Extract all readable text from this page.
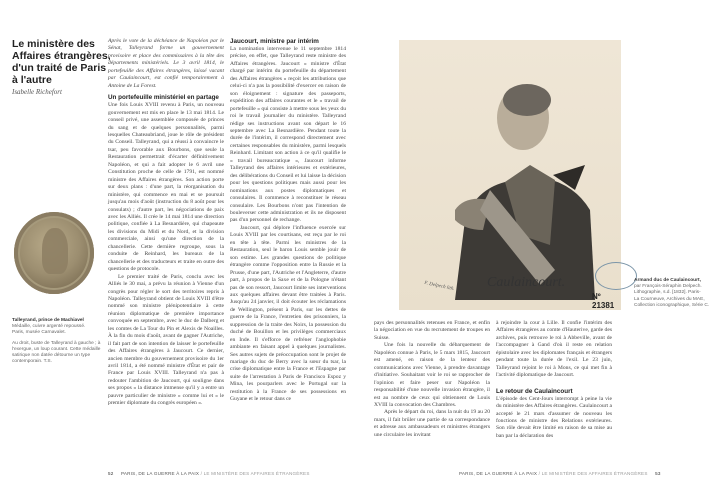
Le ministère des Affaires étrangères, d'un traité de Paris à l'autre
Isabelle Richefort
Talleyrand, prince de Machiavel
Médaille, cuivre argenté repoussé.
Paris, musée Carnavalet.
Au droit, buste de Talleyrand à gauche ; à l'exergue, un loup courant. Cette médaille satirique non datée détourne un type contemporain. T.S.

Après le vote de la déchéance de Napoléon par le Sénat, Talleyrand forme un gouvernement provisoire et place des commissaires à la tête des départements ministériels. Le 3 avril 1814, le portefeuille des Affaires étrangères, laissé vacant par Caulaincourt, est confié temporairement à Antoine de La Forest.

Un portefeuille ministériel en partage

Une fois Louis XVIII revenu à Paris, un nouveau gouvernement est mis en place le 13 mai 1814. Le conseil privé, une assemblée composée de princes du sang et de quelques personnalités, parmi lesquelles Chateaubriand, joue le rôle de président du Conseil. Talleyrand, qui a réussi à convaincre le tsar, peu favorable aux Bourbons, que seule la Restauration permettrait d'écarter définitivement Napoléon, et qui a fait adopter le 6 avril une Constitution proche de celle de 1791, est nommé ministre des Affaires étrangères. Son action porte sur deux plans : d'une part, la réorganisation du ministère, qui commence en mai et se poursuit jusqu'au mois d'août (instruction du 8 août pour les consulats) ; d'autre part, les négociations de paix avec les Alliés. Il crée le 14 mai 1814 une direction politique, confiée à La Besnardière, qui chapeaute les divisions du Midi et du Nord, et la division commerciale, ainsi qu'une direction de la chancellerie. Cette dernière regroupe, sous la conduite de Reinhard, les bureaux de la chancellerie et des traducteurs et traite en outre des questions de protocole.

Le premier traité de Paris, conclu avec les Alliés le 30 mai, a prévu la réunion à Vienne d'un congrès pour régler le sort des territoires repris à Napoléon. Talleyrand obtient de Louis XVIII d'être nommé son ministre plénipotentiaire à cette réunion diplomatique de première importance convoquée en septembre, avec le duc de Dalberg et les comtes de La Tour du Pin et Alexis de Noailles. À la fin du mois d'août, avant de gagner l'Autriche, il fait part de son intention de laisser le portefeuille des Affaires étrangères à Jaucourt. Ce dernier, ancien membre du gouvernement provisoire du 1er avril 1814, a été nommé ministre d'État et pair de France par Louis XVIII. Talleyrand n'a pas à redouter l'ambition de Jaucourt, qui souligne dans ses propos « la distance immense qu'il y a entre un pauvre particulier de ministre » comme lui et « le premier diplomate du congrès européen ».

Jaucourt, ministre par intérim

La nomination intervenue le 11 septembre 1814 précise, en effet, que Talleyrand reste ministre des Affaires étrangères. Jaucourt « ministre d'État chargé par intérim du portefeuille du département des Affaires étrangères » reçoit les attributions que celui-ci n'a pas la possibilité d'exercer en raison de son éloignement : signature des passeports, expédition des affaires courantes et le « travail de portefeuille » qui consiste à mettre sous les yeux du roi le travail journalier du ministère. Talleyrand rédige ses instructions avant son départ le 16 septembre avec La Besnardière. Pendant toute la durée de l'intérim, il correspond directement avec certaines responsables du ministère, parmi lesquels Reinhard. Limitant son action à ce qu'il qualifie le « travail bureaucratique », Jaucourt informe Talleyrand des affaires intérieures et extérieures, des délibérations du Conseil et lui laisse la décision pour les questions politiques mais aussi pour les nominations aux postes diplomatiques et consulaires. Il commence à reconstituer le réseau consulaire. Les Bourbons n'ont pas l'intention de bouleverser cette administration et ils ne disposent pas d'un personnel de rechange.

Jaucourt, qui déplore l'influence exercée sur Louis XVIII par les courtisans, est reçu par le roi en tête à tête. Parmi les ministres de la Restauration, seul le baron Louis semble jouir de son estime. Les grandes questions de politique étrangère comme l'opposition entre la Russie et la Prusse, d'une part, l'Autriche et l'Angleterre, d'autre part, à propos de la Saxe et de la Pologne n'étant pas de son ressort, Jaucourt limite ses interventions aux quelques affaires devant être traitées à Paris. Jusqu'au 24 janvier, il doit écouter les réclamations de Wellington, présent à Paris, sur les dettes de guerre de la France, l'entretien des prisonniers, la suppression de la traite des Noirs, la possession du duché de Bouillon et les privilèges commerciaux en Inde. Il s'efforce de refréner l'anglophobie ambiante en faisant appel à quelques journalistes. Ses autres sujets de préoccupation sont le projet de mariage du duc de Berry avec la sœur du tsar, la crise diplomatique entre la France et l'Espagne par suite de l'arrestation à Paris de Francisco Espoz y Mina, les pourparlers avec le Portugal sur la restitution à la France de ses possessions en Guyane et le retour dans ce

52 PARIS, DE LA GUERRE À LA PAIX / LE MINISTÈRE DES AFFAIRES ÉTRANGÈRES
F. Delpech lith. Caulaincourt.
Nº 21381
Armand duc de Caulaincourt,
par François-Séraphin Delpech.
Lithographie, s.d. [1832]. Paris-
La Courneuve, Archives du MAE,
Collection iconographique, Série C.

pays des personnalités retenues en France, et enfin la négociation en vue du recrutement de troupes en Suisse.

Une fois la nouvelle du débarquement de Napoléon connue à Paris, le 5 mars 1815, Jaucourt est amené, en raison de la lenteur des communications avec Vienne, à prendre davantage d'initiative. Souhaitant voir le roi se rapprocher de l'opinion et faire peser sur Napoléon la responsabilité d'une nouvelle invasion étrangère, il est au nombre de ceux qui obtiennent de Louis XVIII la convocation des Chambres.

Après le départ du roi, dans la nuit du 19 au 20 mars, il fait brûler une partie de sa correspondance et adresse aux ambassadeurs et ministres étrangers une circulaire les invitant

à rejoindre la cour à Lille. Il confie l'intérim des Affaires étrangères au comte d'Hauterive, garde des archives, puis retrouve le roi à Abbeville, avant de l'accompagner à Gand d'où il reste en relation épistolaire avec les diplomates français et étrangers pendant toute la durée de l'exil. Le 23 juin, Talleyrand rejoint le roi à Mons, ce qui met fin à l'activité diplomatique de Jaucourt.

Le retour de Caulaincourt

L'épisode des Cent-Jours interrompt à peine la vie du ministère des Affaires étrangères. Caulaincourt a accepté le 21 mars d'assumer de nouveau les fonctions de ministre des Relations extérieures. Son rôle devait être limité en raison de sa mise au ban par la déclaration des

PARIS, DE LA GUERRE À LA PAIX / LE MINISTÈRE DES AFFAIRES ÉTRANGÈRES 53
